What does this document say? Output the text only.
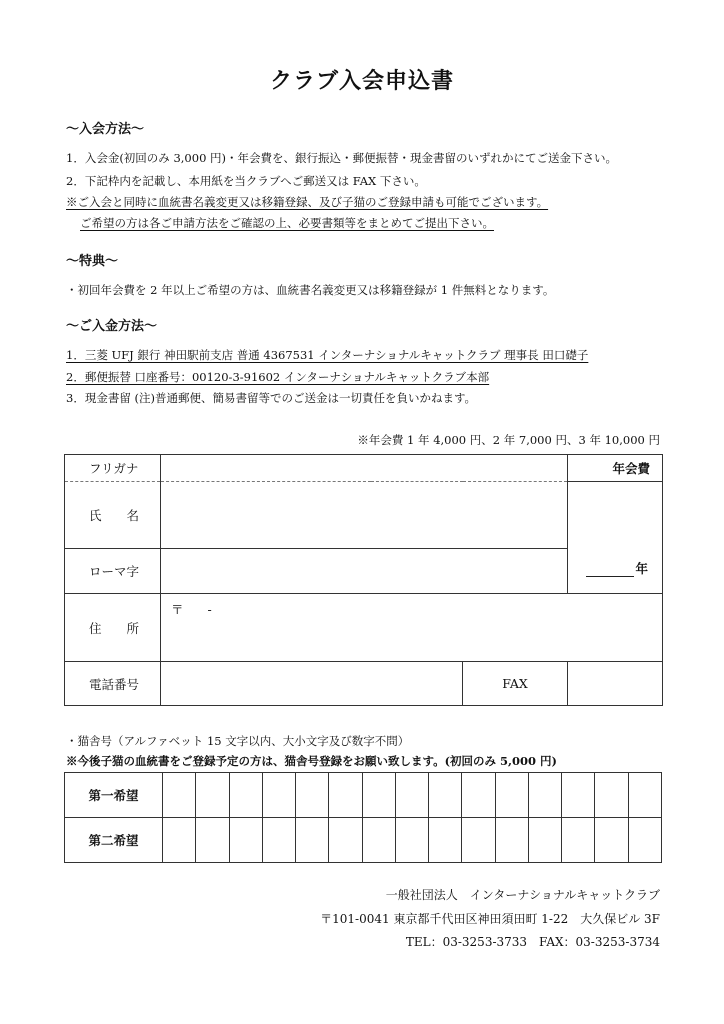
クラブ入会申込書
〜入会方法〜
1．入会金(初回のみ 3,000 円)・年会費を、銀行振込・郵便振替・現金書留のいずれかにてご送金下さい。
2．下記枠内を記載し、本用紙を当クラブへご郵送又は FAX 下さい。
※ご入会と同時に血統書名義変更又は移籍登録、及び子猫のご登録申請も可能でございます。
ご希望の方は各ご申請方法をご確認の上、必要書類等をまとめてご提出下さい。
〜特典〜
・初回年会費を 2 年以上ご希望の方は、血統書名義変更又は移籍登録が 1 件無料となります。
〜ご入金方法〜
1．三菱 UFJ 銀行 神田駅前支店 普通 4367531 インターナショナルキャットクラブ 理事長 田口礎子
2．郵便振替 口座番号：00120-3-91602 インターナショナルキャットクラブ本部
3．現金書留 (注)普通郵便、簡易書留等でのご送金は一切責任を負いかねます。
※年会費 1 年 4,000 円、2 年 7,000 円、3 年 10,000 円
フリガナ			年会費
氏　　名			年
ローマ字			
住　　所	〒 -		
電話番号		FAX	
・猫舎号（アルファベット 15 文字以内、大小文字及び数字不問）
※今後子猫の血統書をご登録予定の方は、猫舎号登録をお願い致します。(初回のみ 5,000 円)
第一希望															
第二希望															
一般社団法人　インターナショナルキャットクラブ
〒101-0041 東京都千代田区神田須田町 1-22　大久保ビル 3F
TEL：03-3253-3733　FAX：03-3253-3734
